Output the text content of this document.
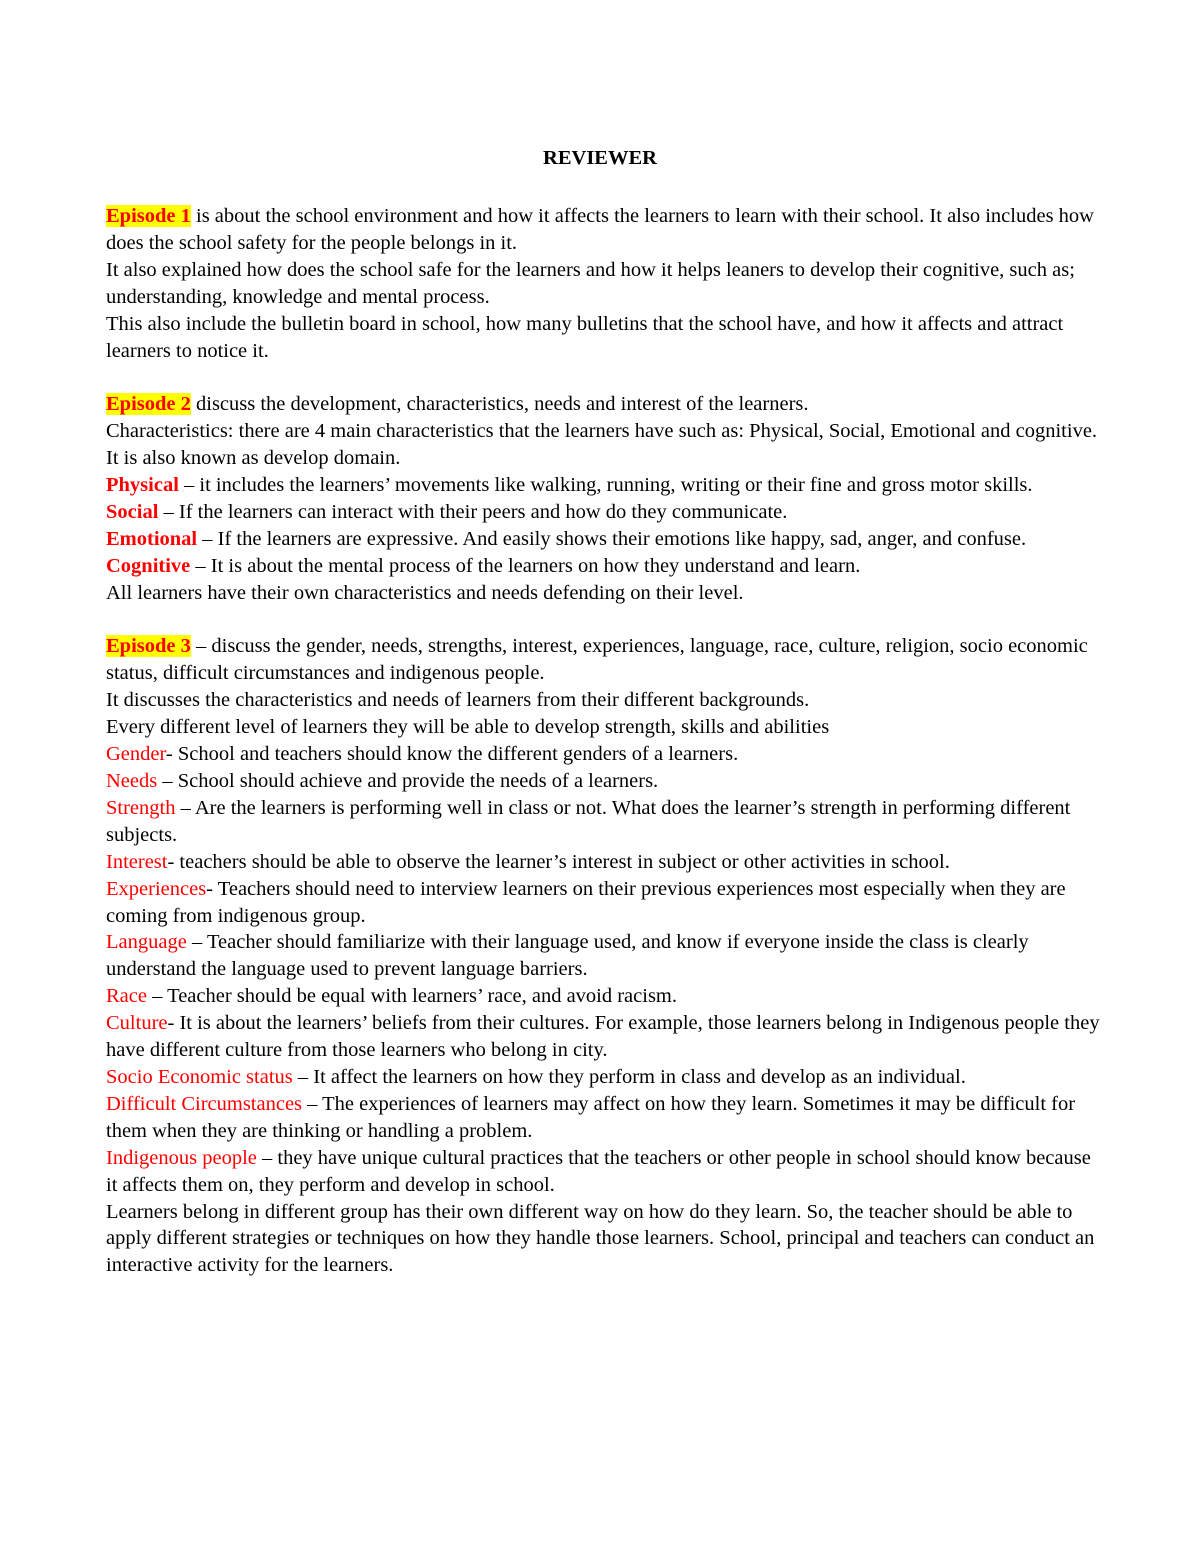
REVIEWER

Episode 1 is about the school environment and how it affects the learners to learn with their school. It also includes how does the school safety for the people belongs in it.

It also explained how does the school safe for the learners and how it helps leaners to develop their cognitive, such as; understanding, knowledge and mental process.

This also include the bulletin board in school, how many bulletins that the school have, and how it affects and attract learners to notice it.

Episode 2 discuss the development, characteristics, needs and interest of the learners.

Characteristics: there are 4 main characteristics that the learners have such as: Physical, Social, Emotional and cognitive. It is also known as develop domain.

Physical – it includes the learners’ movements like walking, running, writing or their fine and gross motor skills.

Social – If the learners can interact with their peers and how do they communicate.

Emotional – If the learners are expressive. And easily shows their emotions like happy, sad, anger, and confuse.

Cognitive – It is about the mental process of the learners on how they understand and learn.

All learners have their own characteristics and needs defending on their level.

Episode 3 – discuss the gender, needs, strengths, interest, experiences, language, race, culture, religion, socio economic status, difficult circumstances and indigenous people.

It discusses the characteristics and needs of learners from their different backgrounds.

Every different level of learners they will be able to develop strength, skills and abilities

Gender- School and teachers should know the different genders of a learners.

Needs – School should achieve and provide the needs of a learners.

Strength – Are the learners is performing well in class or not. What does the learner’s strength in performing different subjects.

Interest- teachers should be able to observe the learner’s interest in subject or other activities in school.

Experiences- Teachers should need to interview learners on their previous experiences most especially when they are coming from indigenous group.

Language – Teacher should familiarize with their language used, and know if everyone inside the class is clearly understand the language used to prevent language barriers.

Race – Teacher should be equal with learners’ race, and avoid racism.

Culture- It is about the learners’ beliefs from their cultures. For example, those learners belong in Indigenous people they have different culture from those learners who belong in city.

Socio Economic status – It affect the learners on how they perform in class and develop as an individual.

Difficult Circumstances – The experiences of learners may affect on how they learn. Sometimes it may be difficult for them when they are thinking or handling a problem.

Indigenous people – they have unique cultural practices that the teachers or other people in school should know because it affects them on, they perform and develop in school.

Learners belong in different group has their own different way on how do they learn. So, the teacher should be able to apply different strategies or techniques on how they handle those learners. School, principal and teachers can conduct an interactive activity for the learners.
